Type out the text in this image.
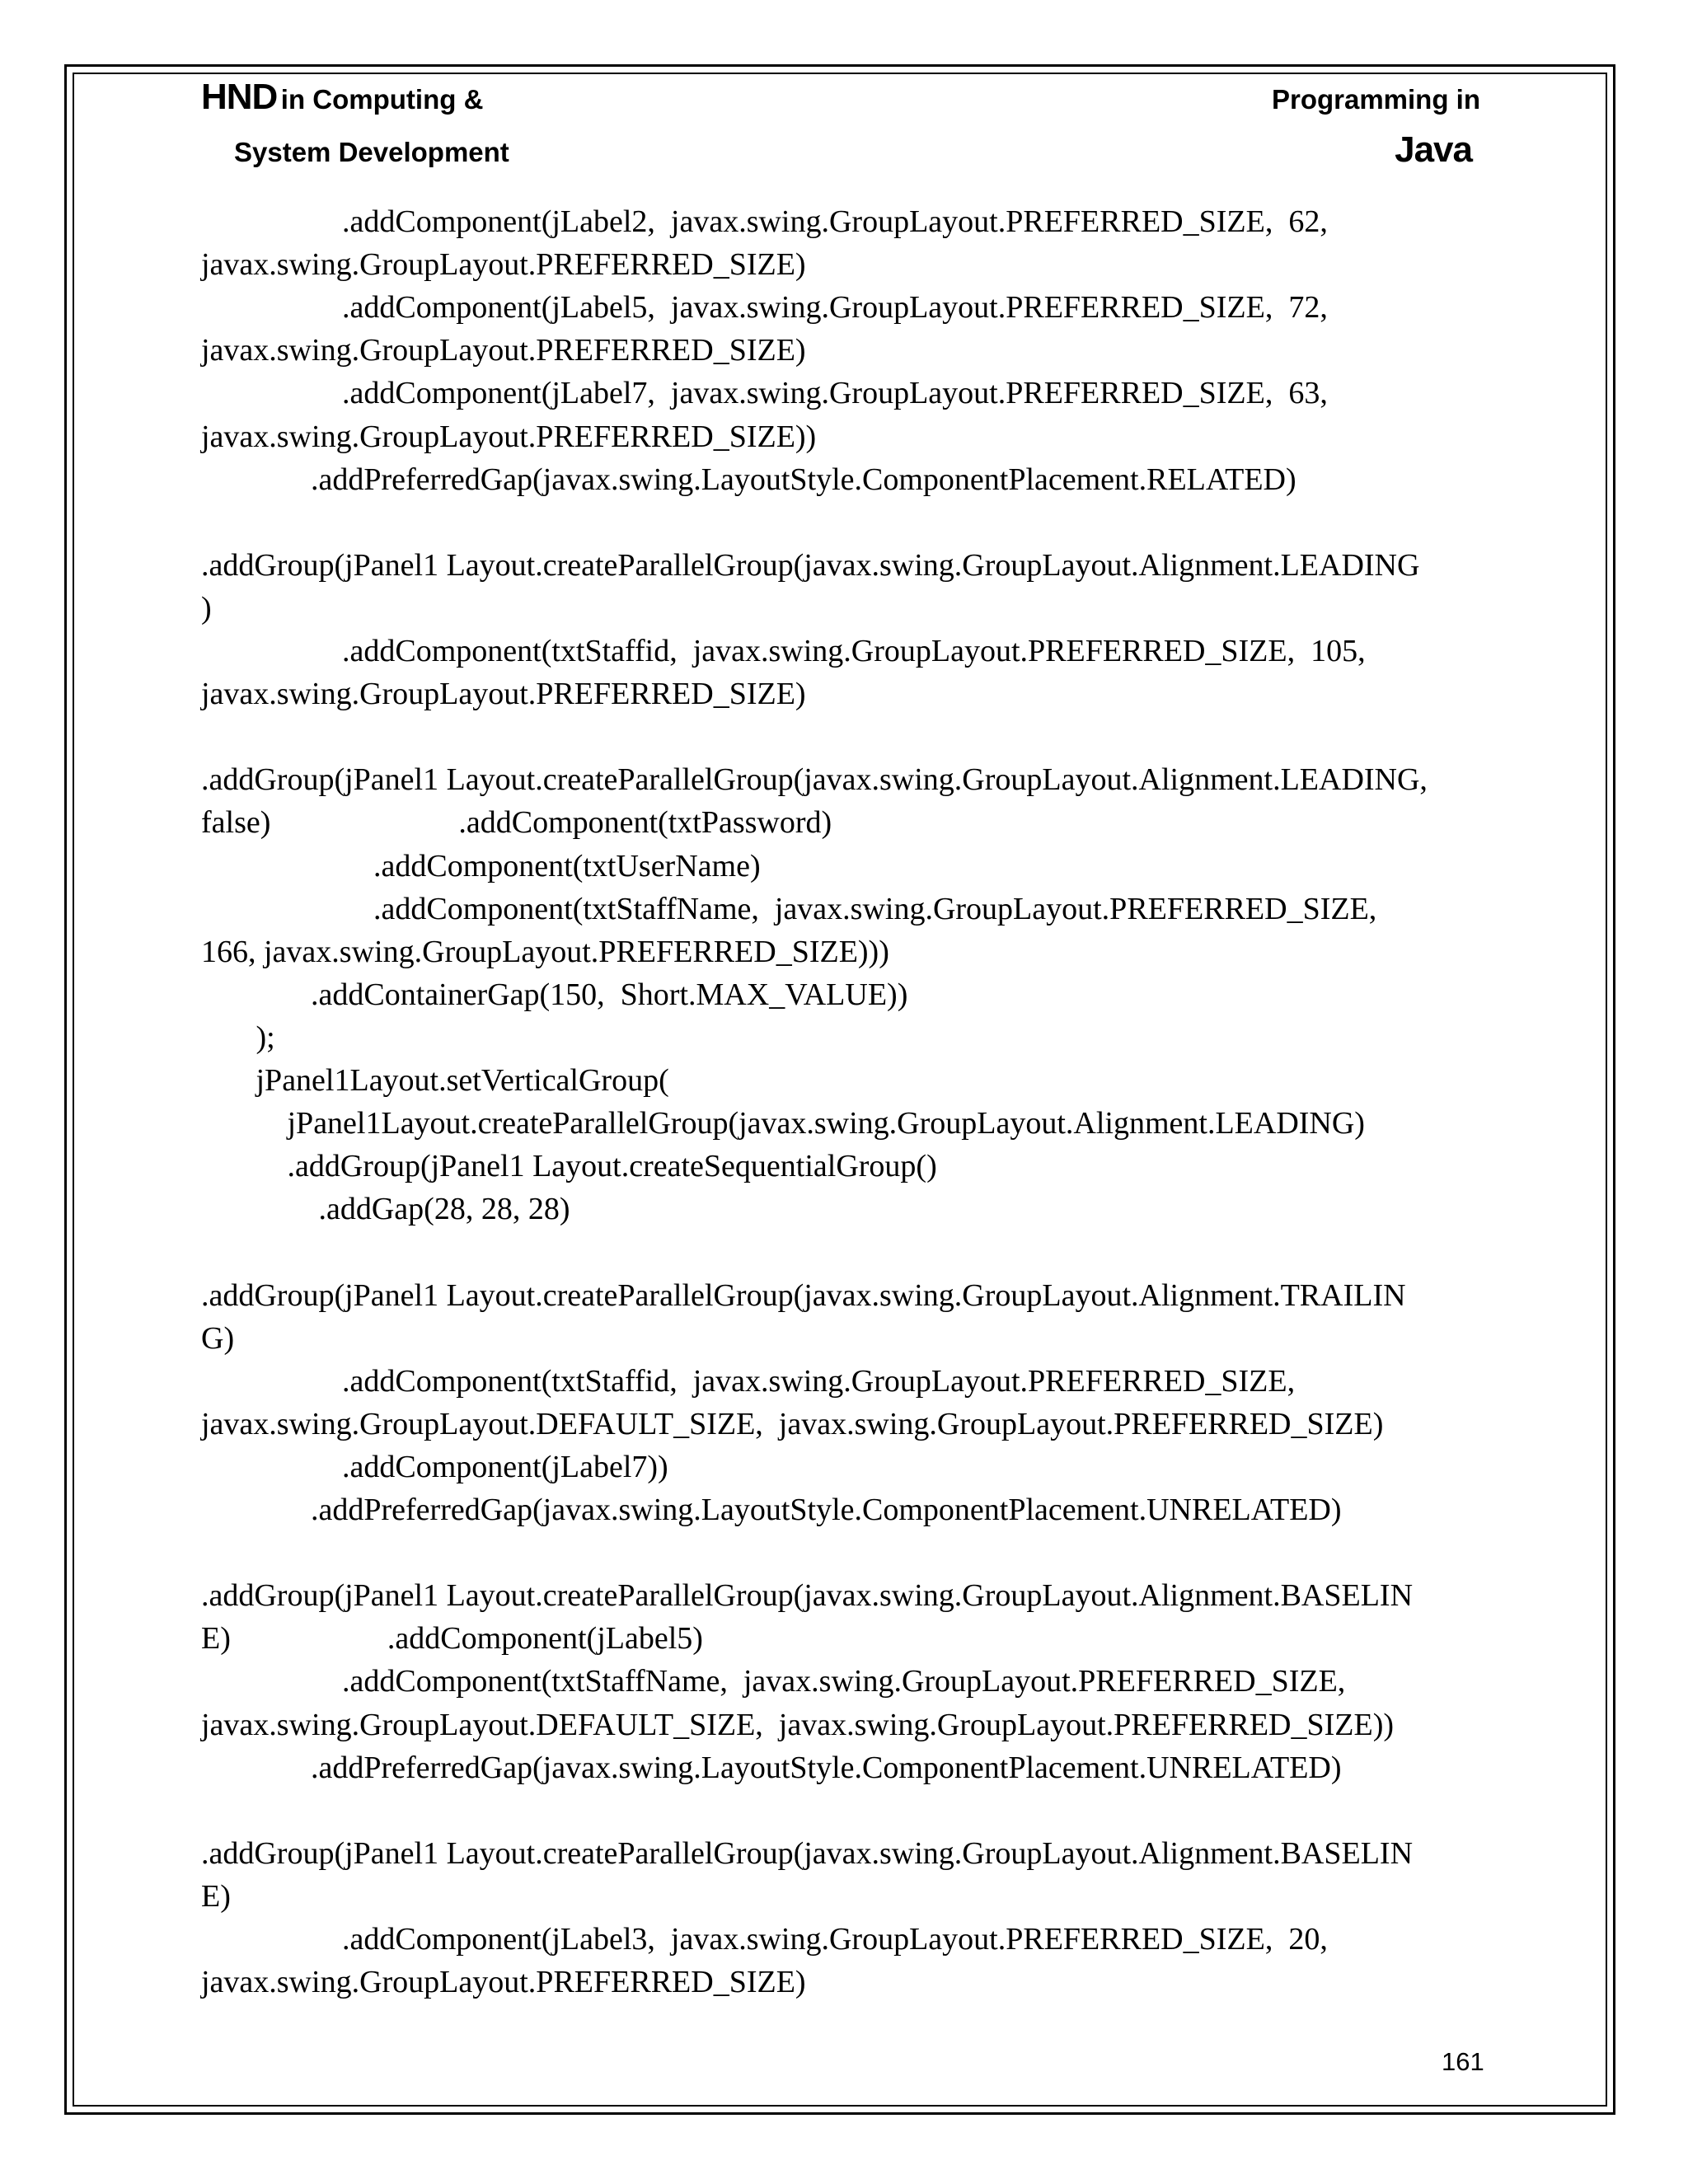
HND in Computing &
System Development
Programming in
Java
.addComponent(jLabel2,  javax.swing.GroupLayout.PREFERRED_SIZE,  62,
javax.swing.GroupLayout.PREFERRED_SIZE)
.addComponent(jLabel5,  javax.swing.GroupLayout.PREFERRED_SIZE,  72,
javax.swing.GroupLayout.PREFERRED_SIZE)
.addComponent(jLabel7,  javax.swing.GroupLayout.PREFERRED_SIZE,  63,
javax.swing.GroupLayout.PREFERRED_SIZE))
.addPreferredGap(javax.swing.LayoutStyle.ComponentPlacement.RELATED)
.addGroup(jPanel1 Layout.createParallelGroup(javax.swing.GroupLayout.Alignment.LEADING
)
.addComponent(txtStaffid,  javax.swing.GroupLayout.PREFERRED_SIZE,  105,
javax.swing.GroupLayout.PREFERRED_SIZE)
.addGroup(jPanel1 Layout.createParallelGroup(javax.swing.GroupLayout.Alignment.LEADING,
false)                        .addComponent(txtPassword)
.addComponent(txtUserName)
.addComponent(txtStaffName,  javax.swing.GroupLayout.PREFERRED_SIZE,
166, javax.swing.GroupLayout.PREFERRED_SIZE)))
.addContainerGap(150,  Short.MAX_VALUE))
);
jPanel1Layout.setVerticalGroup(
jPanel1Layout.createParallelGroup(javax.swing.GroupLayout.Alignment.LEADING)
.addGroup(jPanel1 Layout.createSequentialGroup()
.addGap(28, 28, 28)
.addGroup(jPanel1 Layout.createParallelGroup(javax.swing.GroupLayout.Alignment.TRAILIN
G)
.addComponent(txtStaffid,  javax.swing.GroupLayout.PREFERRED_SIZE,
javax.swing.GroupLayout.DEFAULT_SIZE,  javax.swing.GroupLayout.PREFERRED_SIZE)
.addComponent(jLabel7))
.addPreferredGap(javax.swing.LayoutStyle.ComponentPlacement.UNRELATED)
.addGroup(jPanel1 Layout.createParallelGroup(javax.swing.GroupLayout.Alignment.BASELIN
E)                    .addComponent(jLabel5)
.addComponent(txtStaffName,  javax.swing.GroupLayout.PREFERRED_SIZE,
javax.swing.GroupLayout.DEFAULT_SIZE,  javax.swing.GroupLayout.PREFERRED_SIZE))
.addPreferredGap(javax.swing.LayoutStyle.ComponentPlacement.UNRELATED)
.addGroup(jPanel1 Layout.createParallelGroup(javax.swing.GroupLayout.Alignment.BASELIN
E)
.addComponent(jLabel3,  javax.swing.GroupLayout.PREFERRED_SIZE,  20,
javax.swing.GroupLayout.PREFERRED_SIZE)
161
